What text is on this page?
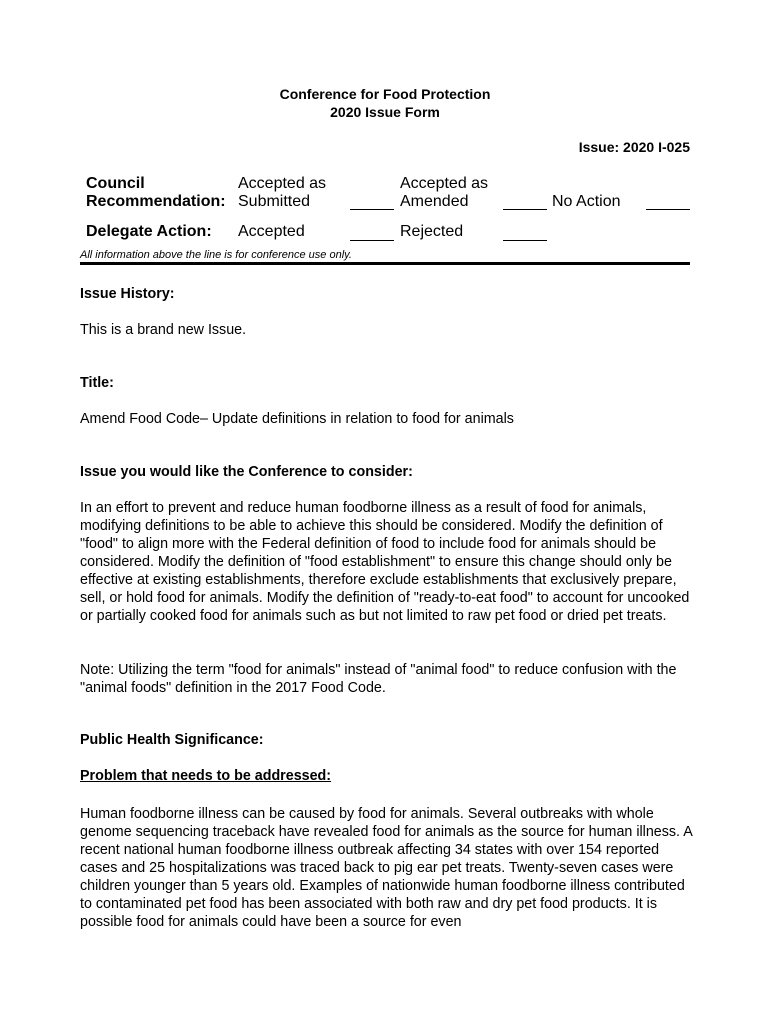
Conference for Food Protection
2020 Issue Form
Issue: 2020 I-025
Council
Recommendation:
Accepted as
Submitted
Accepted as
Amended	No Action
Delegate Action: Accepted	Rejected
All information above the line is for conference use only.
Issue History:
This is a brand new Issue.
Title:
Amend Food Code– Update definitions in relation to food for animals
Issue you would like the Conference to consider:
In an effort to prevent and reduce human foodborne illness as a result of food for animals, modifying definitions to be able to achieve this should be considered. Modify the definition of "food" to align more with the Federal definition of food to include food for animals should be considered. Modify the definition of "food establishment" to ensure this change should only be effective at existing establishments, therefore exclude establishments that exclusively prepare, sell, or hold food for animals. Modify the definition of "ready-to-eat food" to account for uncooked or partially cooked food for animals such as but not limited to raw pet food or dried pet treats.
Note: Utilizing the term "food for animals" instead of "animal food" to reduce confusion with the "animal foods" definition in the 2017 Food Code.
Public Health Significance:
Problem that needs to be addressed:
Human foodborne illness can be caused by food for animals. Several outbreaks with whole genome sequencing traceback have revealed food for animals as the source for human illness. A recent national human foodborne illness outbreak affecting 34 states with over 154 reported cases and 25 hospitalizations was traced back to pig ear pet treats. Twenty-seven cases were children younger than 5 years old. Examples of nationwide human foodborne illness contributed to contaminated pet food has been associated with both raw and dry pet food products. It is possible food for animals could have been a source for even
